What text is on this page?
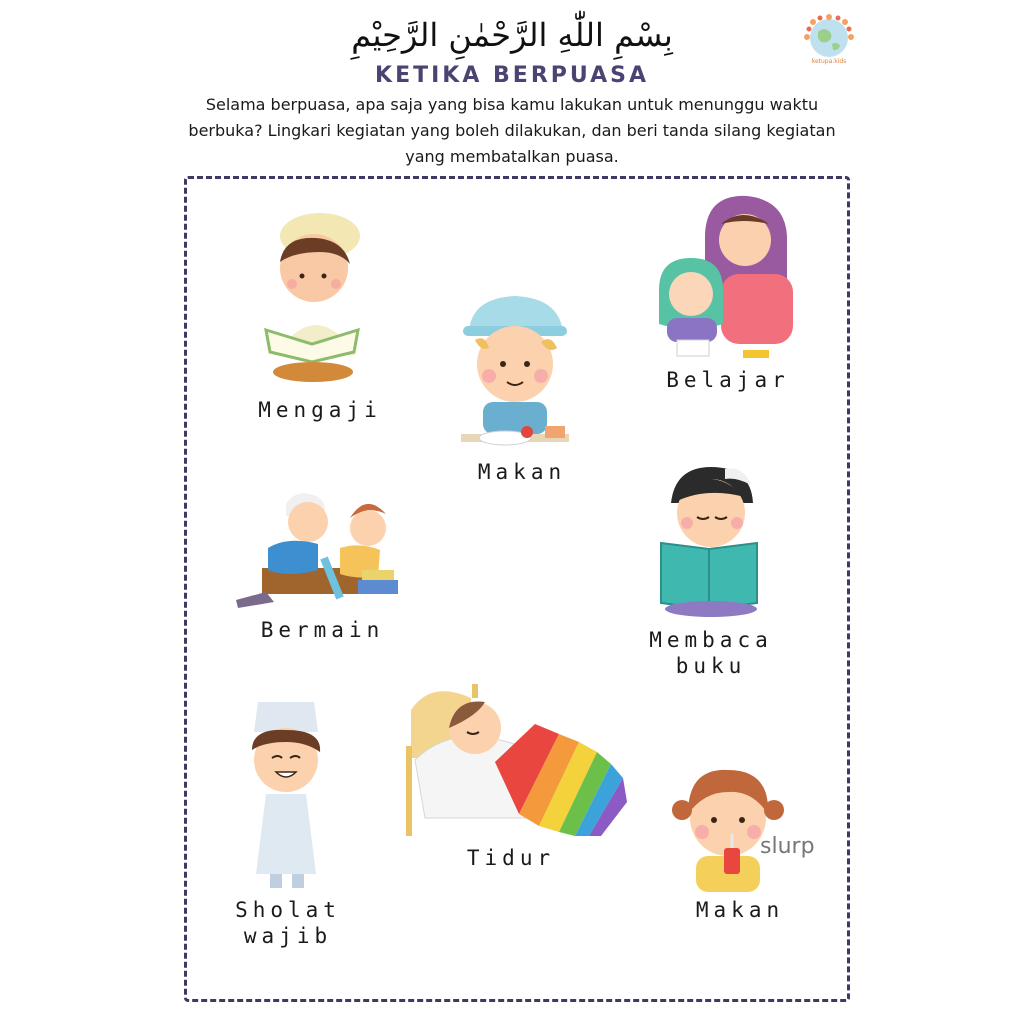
بِسْمِ اللّٰهِ الرَّحْمٰنِ الرَّحِيْمِ
KETIKA BERPUASA
Selama berpuasa, apa saja yang bisa kamu lakukan untuk menunggu waktu berbuka? Lingkari kegiatan yang boleh dilakukan, dan beri tanda silang kegiatan yang membatalkan puasa.
ketupa.kids
Mengaji
Makan
Belajar
Bermain	Membaca
buku
Sholat
wajib
Tidur	slurp
Makan
